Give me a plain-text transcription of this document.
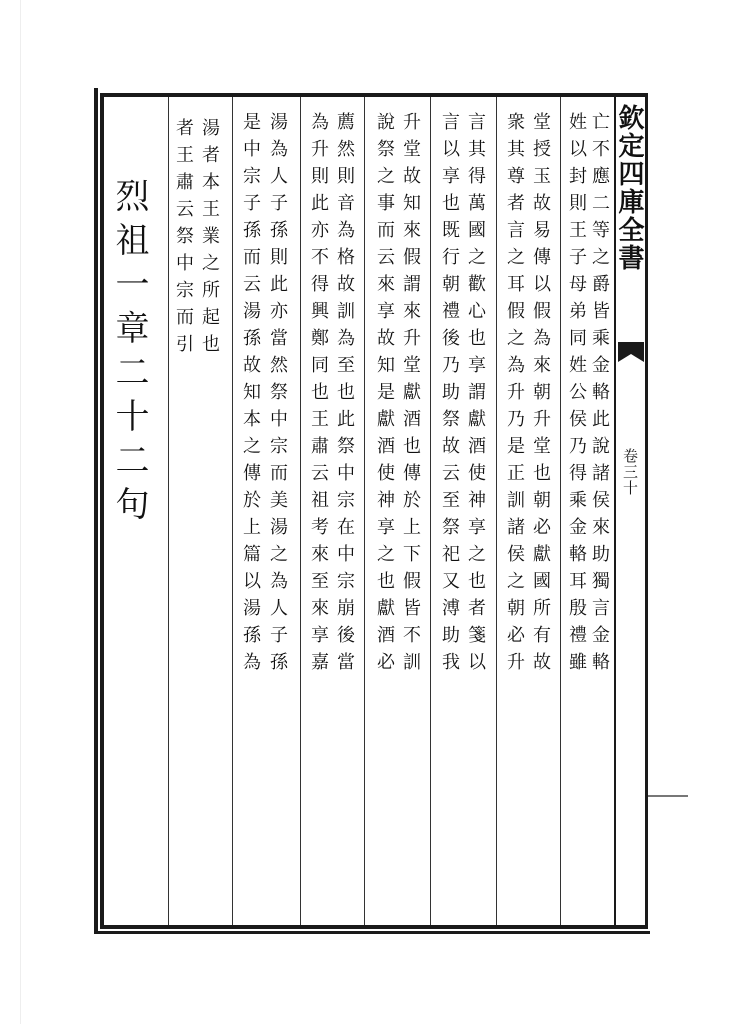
欽定四庫全書
卷三十
烈祖一章二十二句 者王肅云祭中宗而引 湯者本王業之所起也 是中宗子孫而云湯孫故知本之傳於上篇以湯孫為 湯為人子孫則此亦當然祭中宗而美湯之為人子孫 為升則此亦不得興鄭同也王肅云祖考來至來享嘉 薦然則音為格故訓為至也此祭中宗在中宗崩後當 說祭之事而云來享故知是獻酒使神享之也獻酒必 升堂故知來假謂來升堂獻酒也傳於上下假皆不訓 言以享也既行朝禮後乃助祭故云至祭祀又溥助我 言其得萬國之歡心也享謂獻酒使神享之也者箋以 衆其尊者言之耳假之為升乃是正訓諸侯之朝必升 堂授玉故易傳以假為來朝升堂也朝必獻國所有故 姓以封則王子母弟同姓公侯乃得乘金輅耳殷禮雖 亡不應二等之爵皆乘金輅此說諸侯來助獨言金輅
